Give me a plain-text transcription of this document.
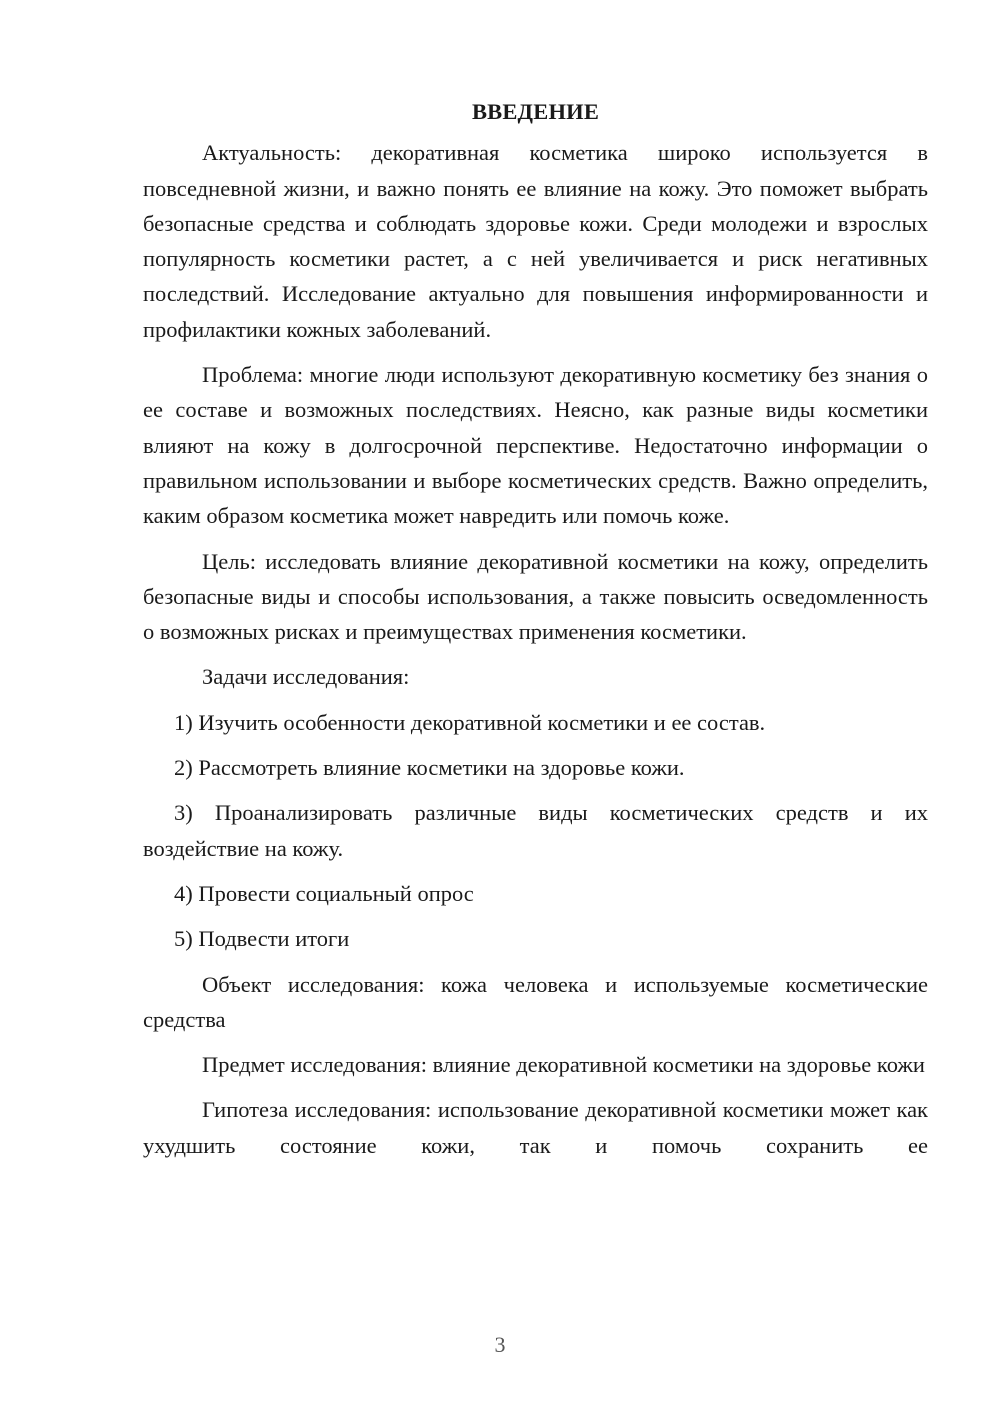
ВВЕДЕНИЕ

Актуальность: декоративная косметика широко используется в повседневной жизни, и важно понять ее влияние на кожу. Это поможет выбрать безопасные средства и соблюдать здоровье кожи. Среди молодежи и взрослых популярность косметики растет, а с ней увеличивается и риск негативных последствий. Исследование актуально для повышения информированности и профилактики кожных заболеваний.

Проблема: многие люди используют декоративную косметику без знания о ее составе и возможных последствиях. Неясно, как разные виды косметики влияют на кожу в долгосрочной перспективе. Недостаточно информации о правильном использовании и выборе косметических средств. Важно определить, каким образом косметика может навредить или помочь коже.

Цель: исследовать влияние декоративной косметики на кожу, определить безопасные виды и способы использования, а также повысить осведомленность о возможных рисках и преимуществах применения косметики.

Задачи исследования:

1) Изучить особенности декоративной косметики и ее состав.

2) Рассмотреть влияние косметики на здоровье кожи.

3) Проанализировать различные виды косметических средств и их воздействие на кожу.

4) Провести социальный опрос

5) Подвести итоги

Объект исследования: кожа человека и используемые косметические средства

Предмет исследования: влияние декоративной косметики на здоровье кожи

Гипотеза исследования: использование декоративной косметики может как ухудшить состояние кожи, так и помочь сохранить ее

3
